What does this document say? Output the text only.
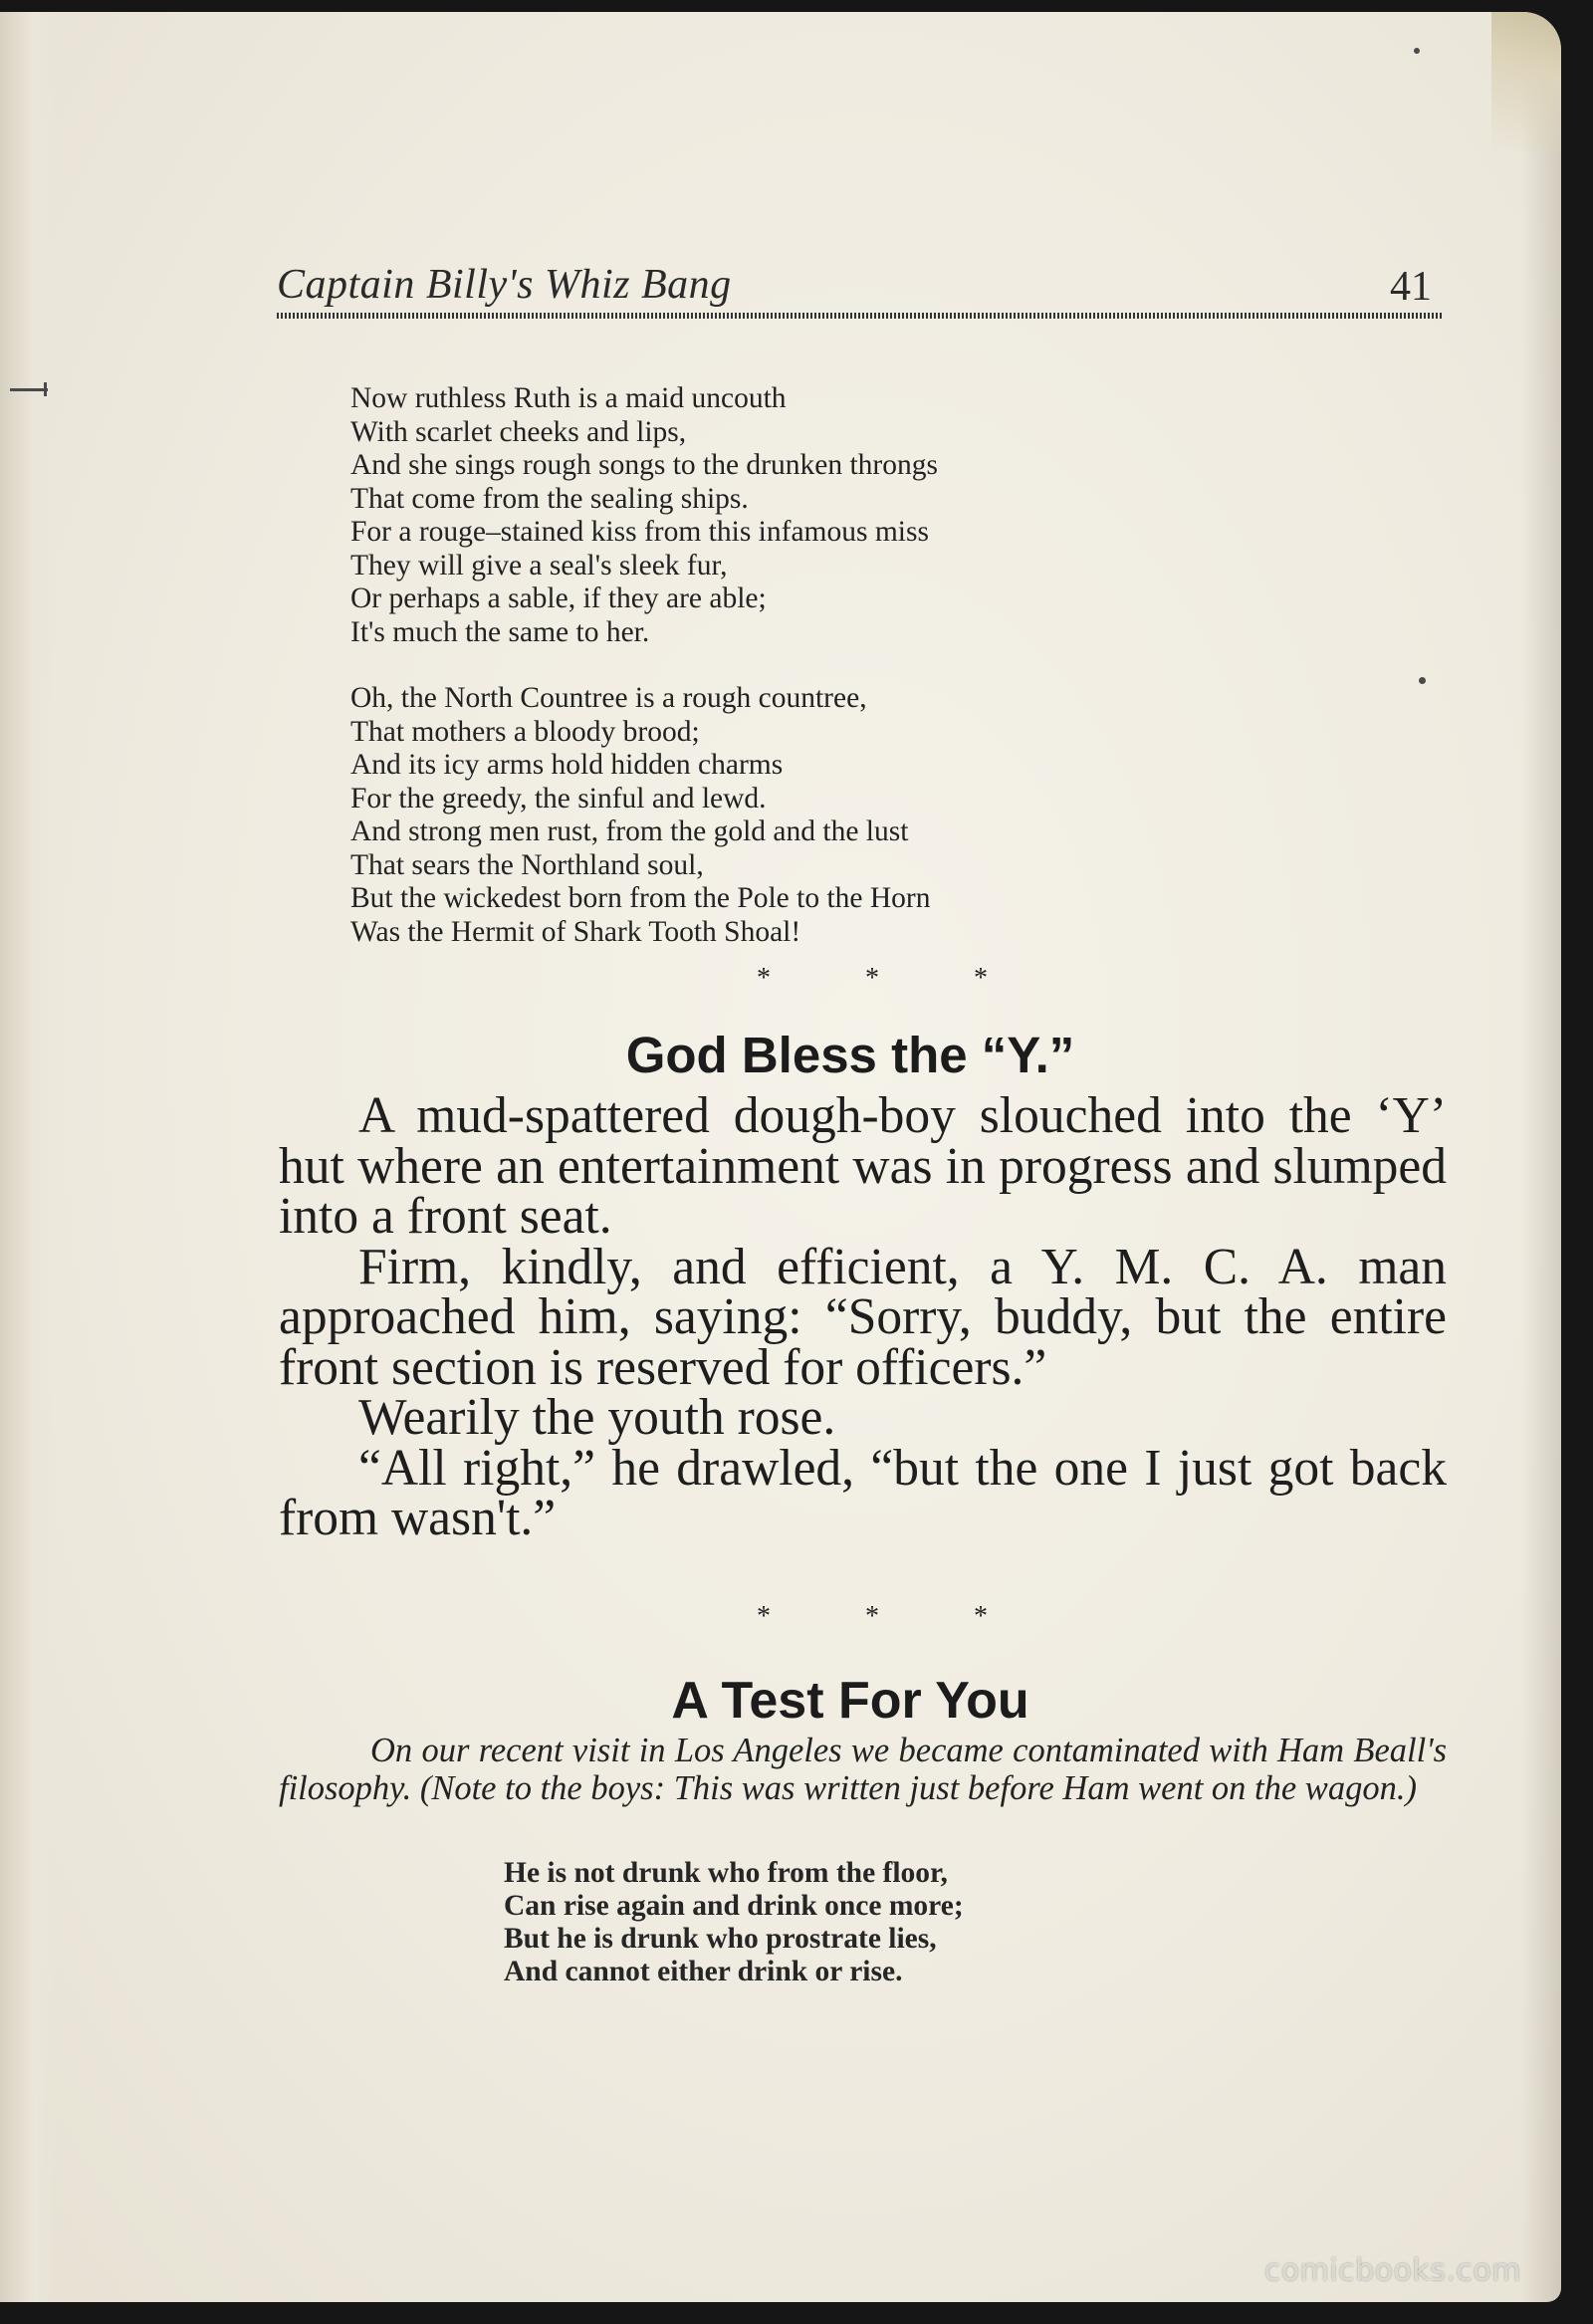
Captain Billy's Whiz Bang	41
Now ruthless Ruth is a maid uncouth
With scarlet cheeks and lips,
And she sings rough songs to the drunken throngs
That come from the sealing ships.
For a rouge–stained kiss from this infamous miss
They will give a seal's sleek fur,
Or perhaps a sable, if they are able;
It's much the same to her.
Oh, the North Countree is a rough countree,
That mothers a bloody brood;
And its icy arms hold hidden charms
For the greedy, the sinful and lewd.
And strong men rust, from the gold and the lust
That sears the Northland soul,
But the wickedest born from the Pole to the Horn
Was the Hermit of Shark Tooth Shoal!
* * *
God Bless the “Y.”

A mud-spattered dough-boy slouched into the ‘Y’ hut where an entertainment was in progress and slumped into a front seat.

Firm, kindly, and efficient, a Y. M. C. A. man approached him, saying: “Sorry, buddy, but the entire front section is reserved for officers.”

Wearily the youth rose.

“All right,” he drawled, “but the one I just got back from wasn't.”

* * *
A Test For You
On our recent visit in Los Angeles we became contaminated with Ham Beall's filosophy. (Note to the boys: This was written just before Ham went on the wagon.)
He is not drunk who from the floor,
Can rise again and drink once more;
But he is drunk who prostrate lies,
And cannot either drink or rise.
comicbooks.com
